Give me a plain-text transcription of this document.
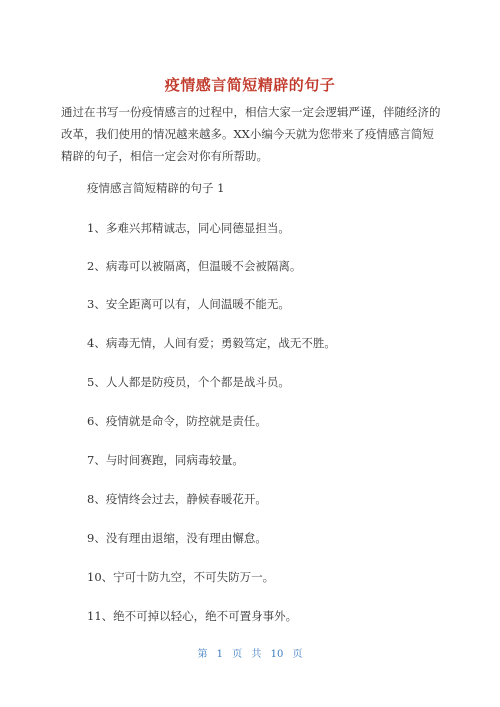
疫情感言简短精辟的句子

通过在书写一份疫情感言的过程中，相信大家一定会逻辑严谨，伴随经济的改革，我们使用的情况越来越多。XX小编今天就为您带来了疫情感言简短精辟的句子，相信一定会对你有所帮助。

疫情感言简短精辟的句子 1
1、多难兴邦精诚志，同心同德显担当。
2、病毒可以被隔离，但温暖不会被隔离。
3、安全距离可以有，人间温暖不能无。
4、病毒无情，人间有爱；勇毅笃定，战无不胜。
5、人人都是防疫员，个个都是战斗员。
6、疫情就是命令，防控就是责任。
7、与时间赛跑，同病毒较量。
8、疫情终会过去，静候春暖花开。
9、没有理由退缩，没有理由懈怠。
10、宁可十防九空，不可失防万一。
11、绝不可掉以轻心，绝不可置身事外。
第 1 页 共 10 页
